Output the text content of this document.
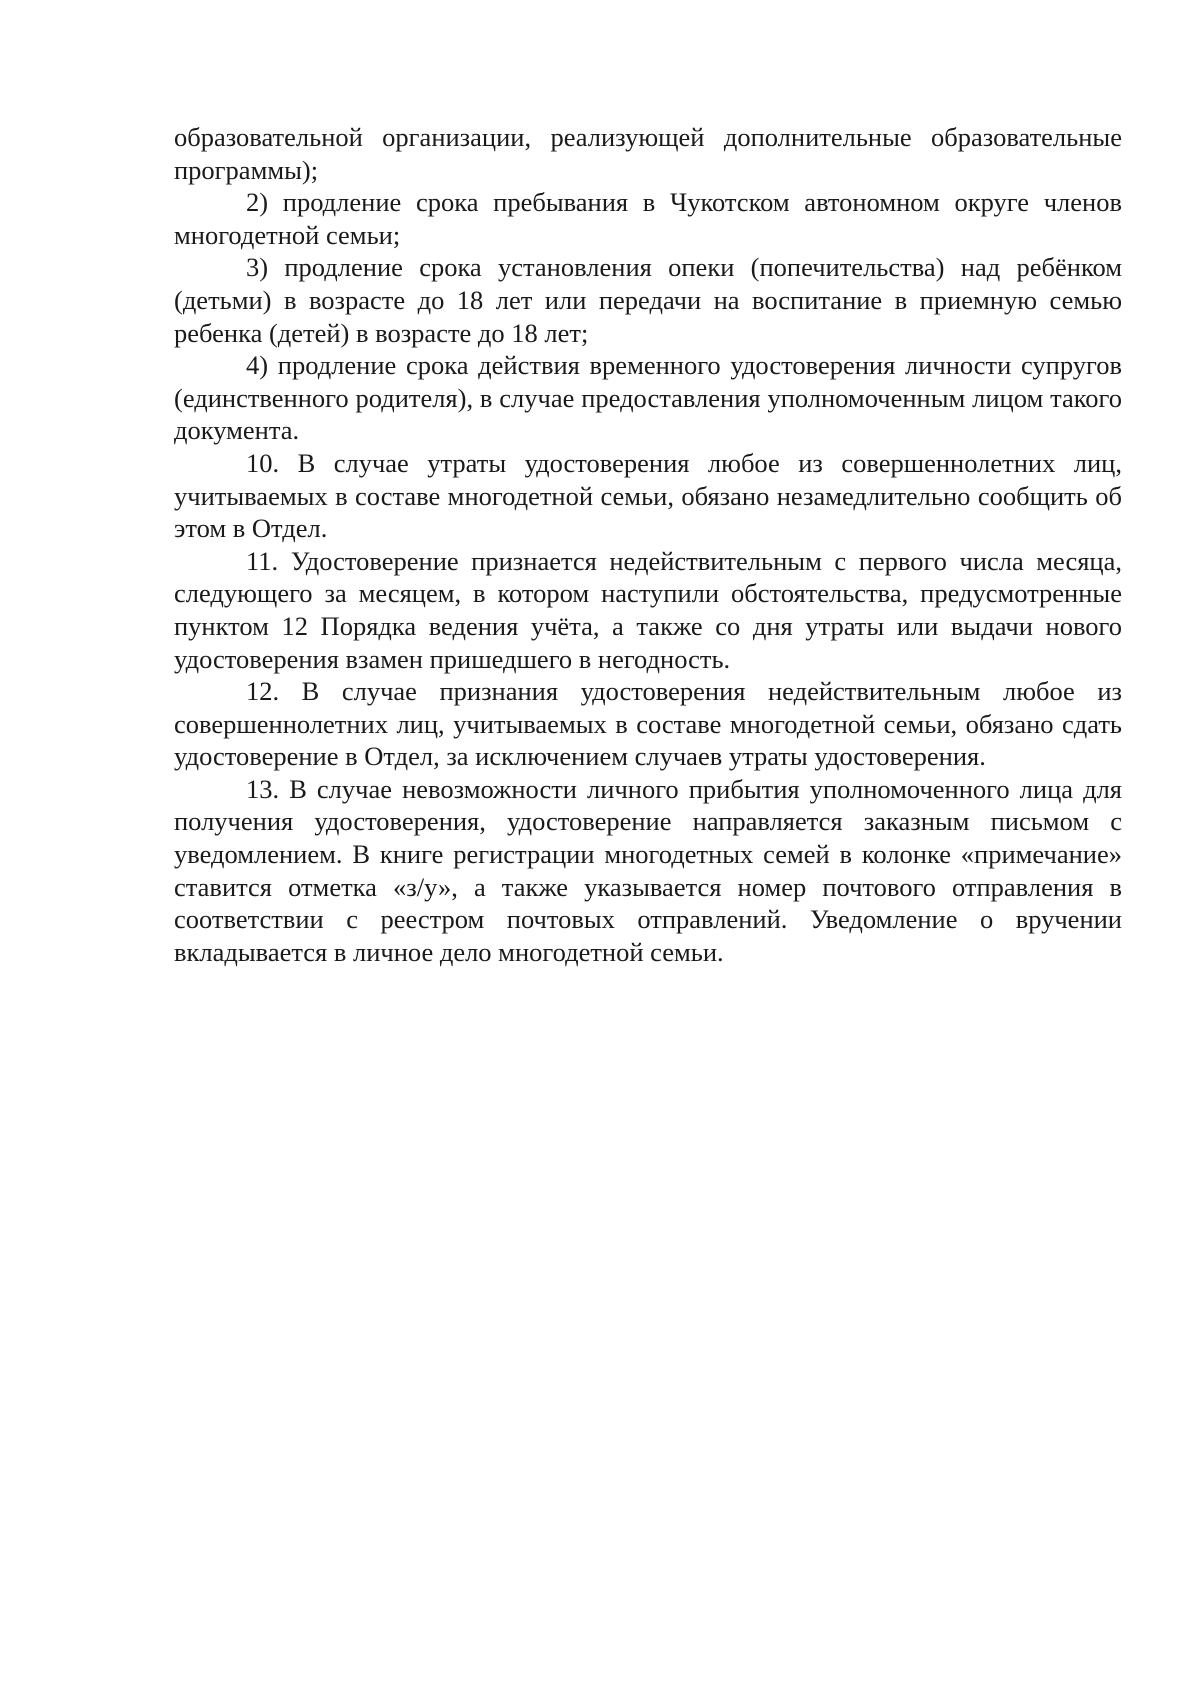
образовательной организации, реализующей дополнительные образовательные программы);

2) продление срока пребывания в Чукотском автономном округе членов многодетной семьи;

3) продление срока установления опеки (попечительства) над ребёнком (детьми) в возрасте до 18 лет или передачи на воспитание в приемную семью ребенка (детей) в возрасте до 18 лет;

4) продление срока действия временного удостоверения личности супругов (единственного родителя), в случае предоставления уполномоченным лицом такого документа.

10. В случае утраты удостоверения любое из совершеннолетних лиц, учитываемых в составе многодетной семьи, обязано незамедлительно сообщить об этом в Отдел.

11. Удостоверение признается недействительным с первого числа месяца, следующего за месяцем, в котором наступили обстоятельства, предусмотренные пунктом 12 Порядка ведения учёта, а также со дня утраты или выдачи нового удостоверения взамен пришедшего в негодность.

12. В случае признания удостоверения недействительным любое из совершеннолетних лиц, учитываемых в составе многодетной семьи, обязано сдать удостоверение в Отдел, за исключением случаев утраты удостоверения.

13. В случае невозможности личного прибытия уполномоченного лица для получения удостоверения, удостоверение направляется заказным письмом с уведомлением. В книге регистрации многодетных семей в колонке «примечание» ставится отметка «з/у», а также указывается номер почтового отправления в соответствии с реестром почтовых отправлений. Уведомление о вручении вкладывается в личное дело многодетной семьи.
